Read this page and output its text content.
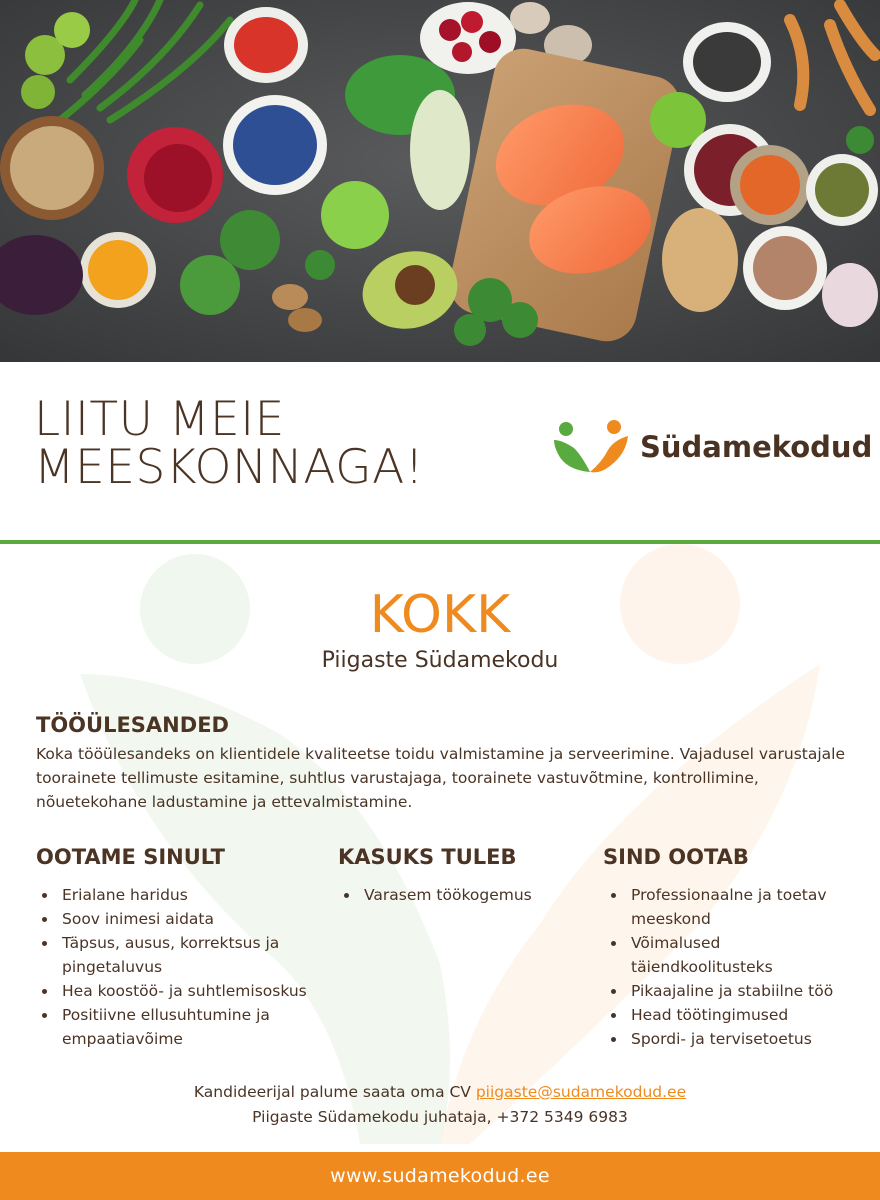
LIITU MEIE
MEESKONNAGA!	Südamekodud
KOKK
Piigaste Südamekodu
TÖÖÜLESANDED

Koka tööülesandeks on klientidele kvaliteetse toidu valmistamine ja serveerimine. Vajadusel varustajale toorainete tellimuste esitamine, suhtlus varustajaga, toorainete vastuvõtmine, kontrollimine, nõuetekohane ladustamine ja ettevalmistamine.

OOTAME SINULT
Erialane haridus
Soov inimesi aidata
Täpsus, ausus, korrektsus ja pingetaluvus
Hea koostöö- ja suhtlemisoskus
Positiivne ellusuhtumine ja empaatiavõime
KASUKS TULEB
Varasem töökogemus
SIND OOTAB
Professionaalne ja toetav meeskond
Võimalused täiendkoolitusteks
Pikaajaline ja stabiilne töö
Head töötingimused
Spordi- ja tervisetoetus
Kandideerijal palume saata oma CV piigaste@sudamekodud.ee
Piigaste Südamekodu juhataja, +372 5349 6983
www.sudamekodud.ee
